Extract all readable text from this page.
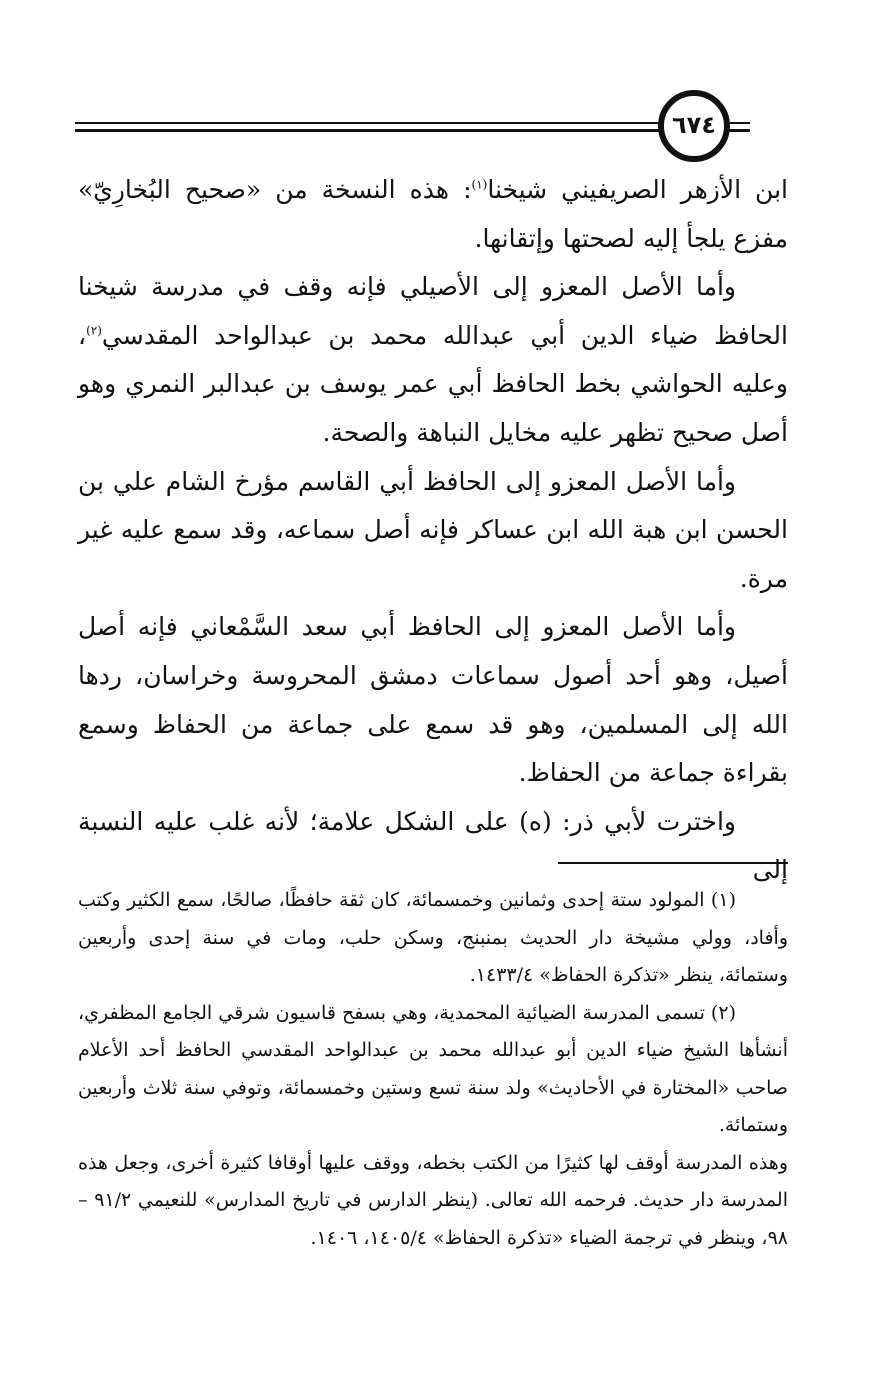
٦٧٤

ابن الأزهر الصريفيني شيخنا$^{(١)}$: هذه النسخة من «صحيح البُخارِيّ» مفزع يلجأ إليه لصحتها وإتقانها.

وأما الأصل المعزو إلى الأصيلي فإنه وقف في مدرسة شيخنا الحافظ ضياء الدين أبي عبدالله محمد بن عبدالواحد المقدسي$^{(٢)}$، وعليه الحواشي بخط الحافظ أبي عمر يوسف بن عبدالبر النمري وهو أصل صحيح تظهر عليه مخايل النباهة والصحة.

وأما الأصل المعزو إلى الحافظ أبي القاسم مؤرخ الشام علي بن الحسن ابن هبة الله ابن عساكر فإنه أصل سماعه، وقد سمع عليه غير مرة.

وأما الأصل المعزو إلى الحافظ أبي سعد السَّمْعاني فإنه أصل أصيل، وهو أحد أصول سماعات دمشق المحروسة وخراسان، ردها الله إلى المسلمين، وهو قد سمع على جماعة من الحفاظ وسمع بقراءة جماعة من الحفاظ.

واخترت لأبي ذر: (ه) على الشكل علامة؛ لأنه غلب عليه النسبة إلى

(١) المولود ستة إحدى وثمانين وخمسمائة، كان ثقة حافظًا، صالحًا، سمع الكثير وكتب وأفاد، وولي مشيخة دار الحديث بمنبنج، وسكن حلب، ومات في سنة إحدى وأربعين وستمائة، ينظر «تذكرة الحفاظ» ١٤٣٣/٤.

(٢) تسمى المدرسة الضيائية المحمدية، وهي بسفح قاسيون شرقي الجامع المظفري، أنشأها الشيخ ضياء الدين أبو عبدالله محمد بن عبدالواحد المقدسي الحافظ أحد الأعلام صاحب «المختارة في الأحاديث» ولد سنة تسع وستين وخمسمائة، وتوفي سنة ثلاث وأربعين وستمائة.

وهذه المدرسة أوقف لها كثيرًا من الكتب بخطه، ووقف عليها أوقافا كثيرة أخرى، وجعل هذه المدرسة دار حديث. فرحمه الله تعالى. (ينظر الدارس في تاريخ المدارس» للنعيمي ٩١/٢ – ٩٨، وينظر في ترجمة الضياء «تذكرة الحفاظ» ١٤٠٥/٤، ١٤٠٦.
